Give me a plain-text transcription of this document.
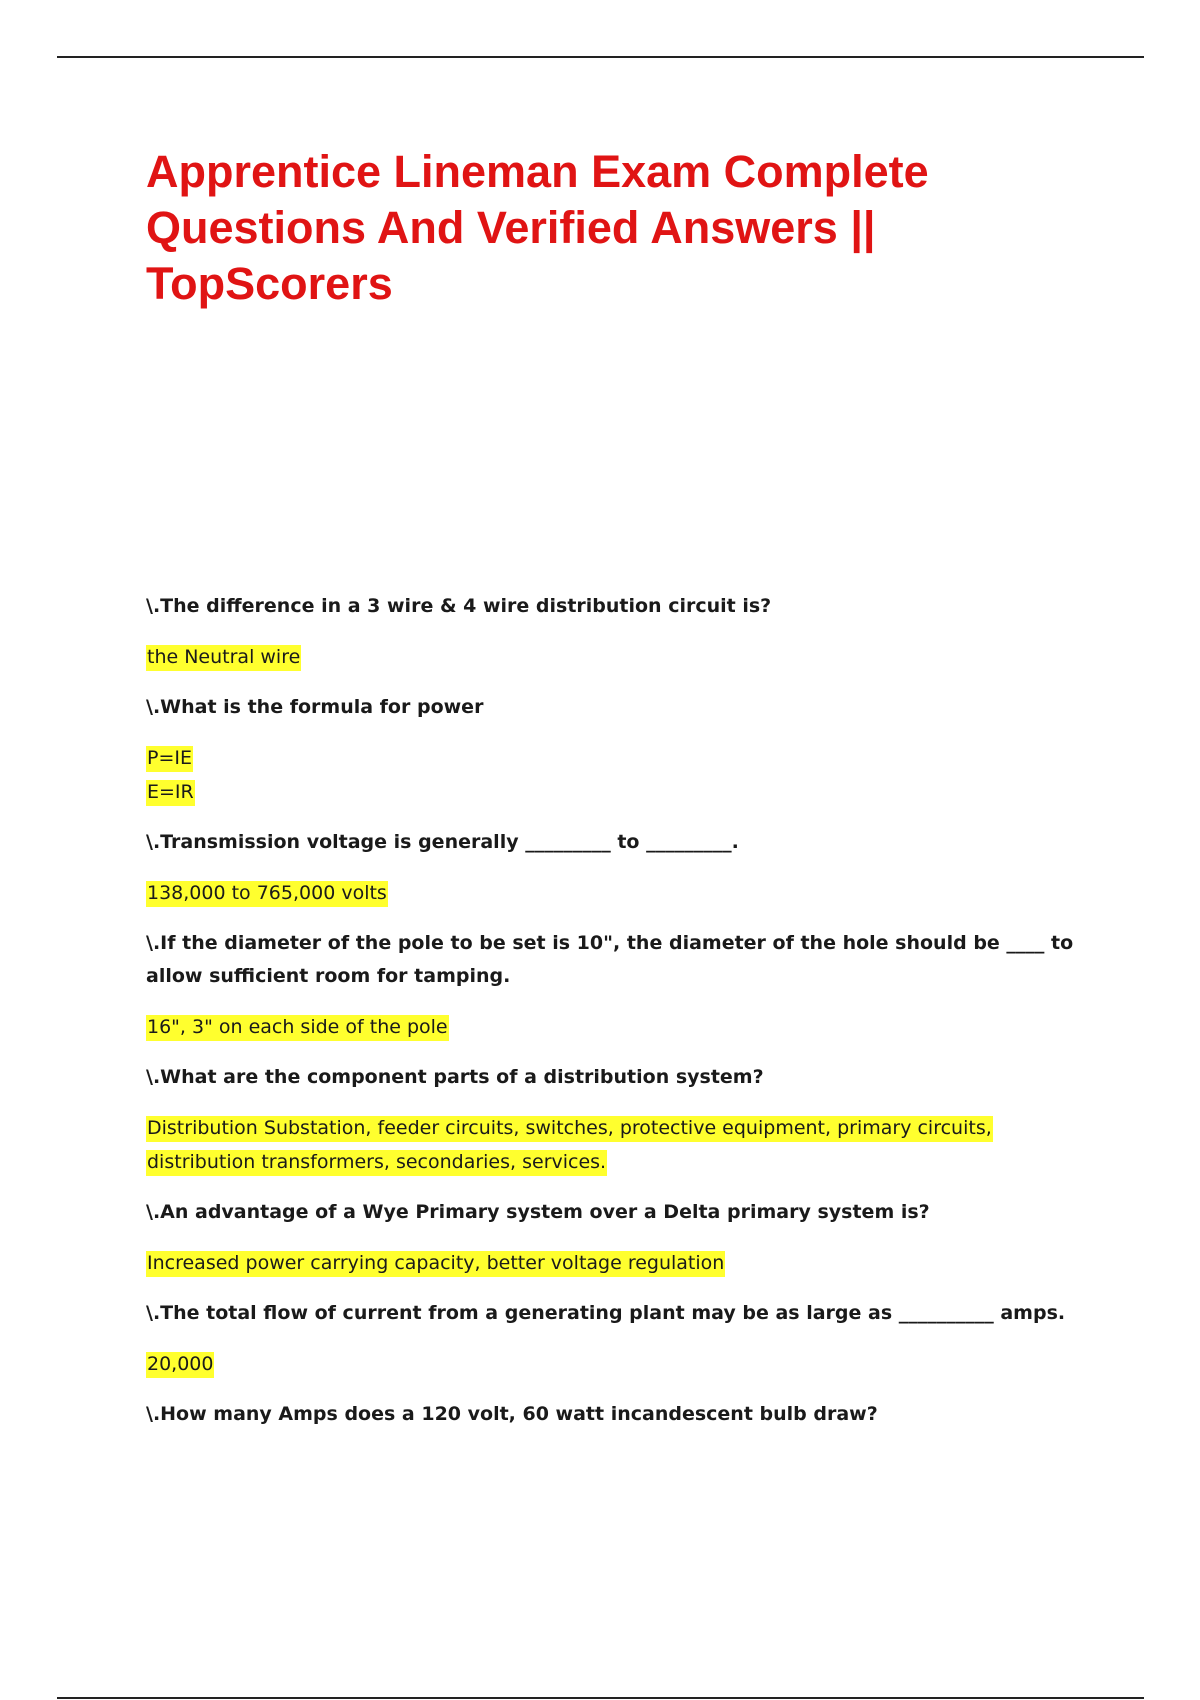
Apprentice Lineman Exam Complete Questions And Verified Answers || TopScorers

\.The difference in a 3 wire & 4 wire distribution circuit is?

the Neutral wire

\.What is the formula for power

P=IE
E=IR

\.Transmission voltage is generally _________ to _________.

138,000 to 765,000 volts

\.If the diameter of the pole to be set is 10", the diameter of the hole should be ____ to allow sufficient room for tamping.

16", 3" on each side of the pole

\.What are the component parts of a distribution system?

Distribution Substation, feeder circuits, switches, protective equipment, primary circuits,
distribution transformers, secondaries, services.

\.An advantage of a Wye Primary system over a Delta primary system is?

Increased power carrying capacity, better voltage regulation

\.The total flow of current from a generating plant may be as large as __________ amps.

20,000

\.How many Amps does a 120 volt, 60 watt incandescent bulb draw?
